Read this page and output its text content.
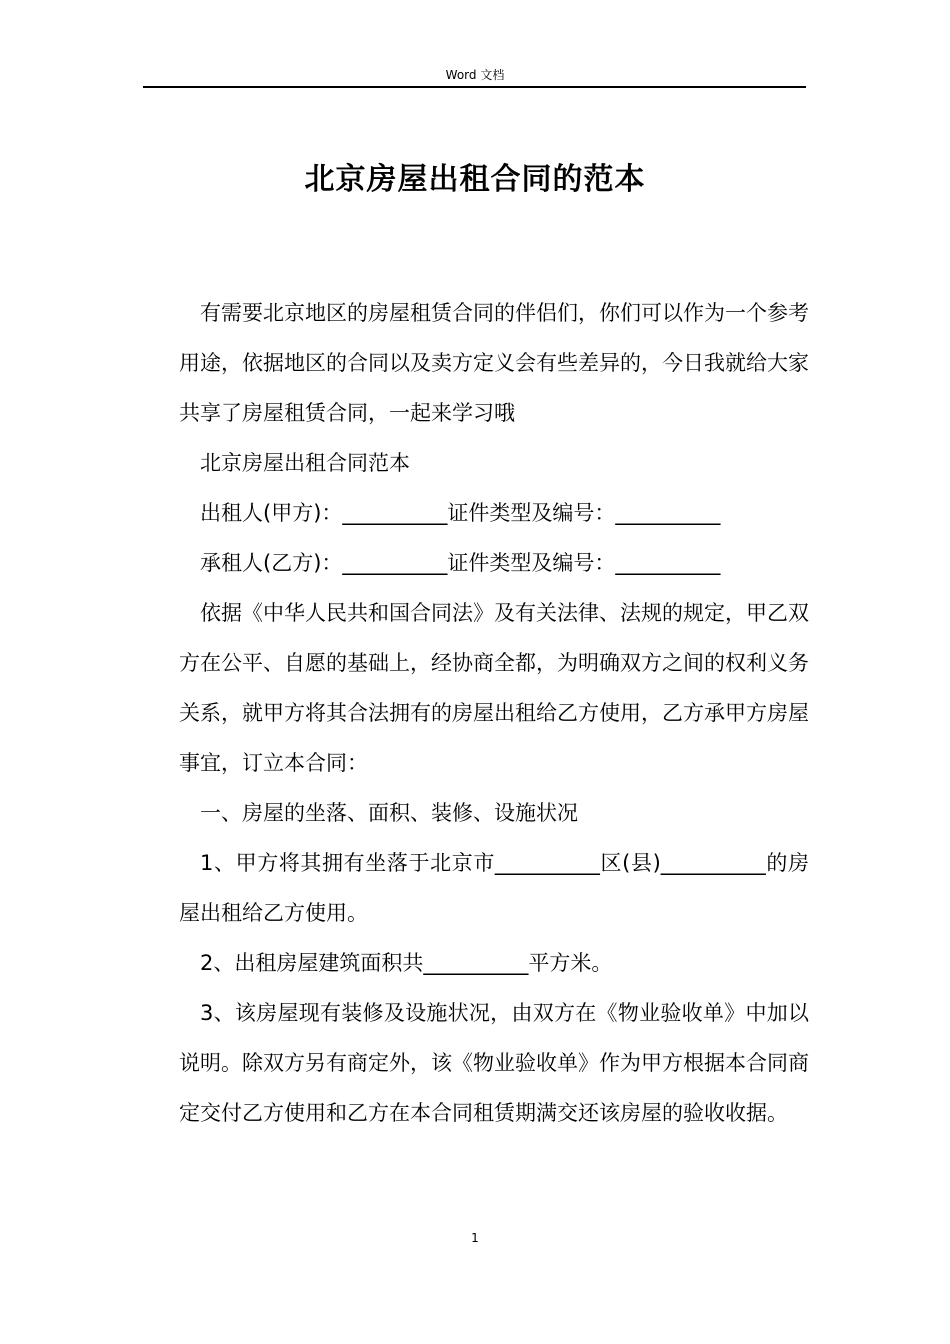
Word 文档
北京房屋出租合同的范本

有需要北京地区的房屋租赁合同的伴侣们，你们可以作为一个参考用途，依据地区的合同以及卖方定义会有些差异的，今日我就给大家共享了房屋租赁合同，一起来学习哦

北京房屋出租合同范本

出租人(甲方)：__________证件类型及编号：__________

承租人(乙方)：__________证件类型及编号：__________

依据《中华人民共和国合同法》及有关法律、法规的规定，甲乙双方在公平、自愿的基础上，经协商全都，为明确双方之间的权利义务关系，就甲方将其合法拥有的房屋出租给乙方使用，乙方承甲方房屋事宜，订立本合同：

一、房屋的坐落、面积、装修、设施状况

1、甲方将其拥有坐落于北京市__________区(县)__________的房屋出租给乙方使用。

2、出租房屋建筑面积共__________平方米。

3、该房屋现有装修及设施状况，由双方在《物业验收单》中加以说明。除双方另有商定外，该《物业验收单》作为甲方根据本合同商定交付乙方使用和乙方在本合同租赁期满交还该房屋的验收收据。

1
